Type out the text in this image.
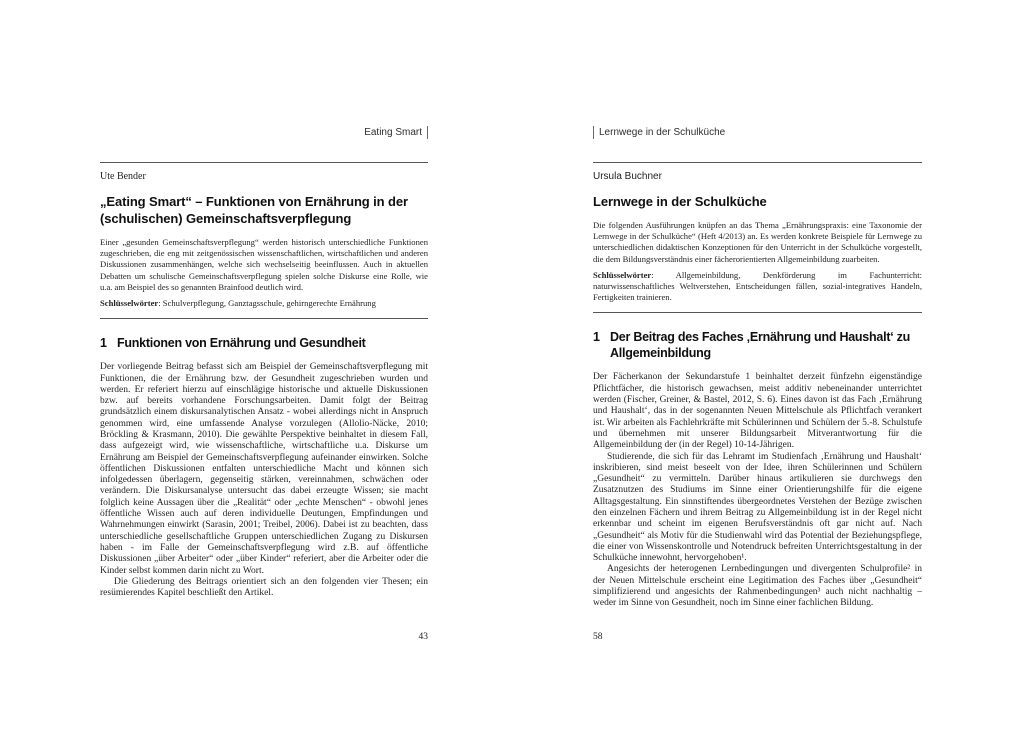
Eating Smart
Ute Bender
„Eating Smart“ – Funktionen von Ernährung in der (schulischen) Gemeinschaftsverpflegung

Einer „gesunden Gemeinschaftsverpflegung“ werden historisch unterschiedliche Funktionen zugeschrieben, die eng mit zeitgenössischen wissenschaftlichen, wirtschaftlichen und anderen Diskussionen zusammenhängen, welche sich wechselseitig beeinflussen. Auch in aktuellen Debatten um schulische Gemeinschaftsverpflegung spielen solche Diskurse eine Rolle, wie u.a. am Beispiel des so genannten Brainfood deutlich wird.

Schlüsselwörter: Schulverpflegung, Ganztagsschule, gehirngerechte Ernährung

1 Funktionen von Ernährung und Gesundheit

Der vorliegende Beitrag befasst sich am Beispiel der Gemeinschaftsverpflegung mit Funktionen, die der Ernährung bzw. der Gesundheit zugeschrieben wurden und werden. Er referiert hierzu auf einschlägige historische und aktuelle Diskussionen bzw. auf bereits vorhandene Forschungsarbeiten. Damit folgt der Beitrag grundsätzlich einem diskursanalytischen Ansatz - wobei allerdings nicht in Anspruch genommen wird, eine umfassende Analyse vorzulegen (Allolio-Näcke, 2010; Bröckling & Krasmann, 2010). Die gewählte Perspektive beinhaltet in diesem Fall, dass aufgezeigt wird, wie wissenschaftliche, wirtschaftliche u.a. Diskurse um Ernährung am Beispiel der Gemeinschaftsverpflegung aufeinander einwirken. Solche öffentlichen Diskussionen entfalten unterschiedliche Macht und können sich infolgedessen überlagern, gegenseitig stärken, vereinnahmen, schwächen oder verändern. Die Diskursanalyse untersucht das dabei erzeugte Wissen; sie macht folglich keine Aussagen über die „Realität“ oder „echte Menschen“ - obwohl jenes öffentliche Wissen auch auf deren individuelle Deutungen, Empfindungen und Wahrnehmungen einwirkt (Sarasin, 2001; Treibel, 2006). Dabei ist zu beachten, dass unterschiedliche gesellschaftliche Gruppen unterschiedlichen Zugang zu Diskursen haben - im Falle der Gemeinschaftsverpflegung wird z.B. auf öffentliche Diskussionen „über Arbeiter“ oder „über Kinder“ referiert, aber die Arbeiter oder die Kinder selbst kommen darin nicht zu Wort.

Die Gliederung des Beitrags orientiert sich an den folgenden vier Thesen; ein resümierendes Kapitel beschließt den Artikel.

43
Lernwege in der Schulküche
Ursula Buchner
Lernwege in der Schulküche

Die folgenden Ausführungen knüpfen an das Thema „Ernährungspraxis: eine Taxonomie der Lernwege in der Schulküche“ (Heft 4/2013) an. Es werden konkrete Beispiele für Lernwege zu unterschiedlichen didaktischen Konzeptionen für den Unterricht in der Schulküche vorgestellt, die dem Bildungsverständnis einer fächerorientierten Allgemeinbildung zuarbeiten.

Schlüsselwörter: Allgemeinbildung, Denkförderung im Fachunterricht: naturwissenschaftliches Weltverstehen, Entscheidungen fällen, sozial-integratives Handeln, Fertigkeiten trainieren.

1 Der Beitrag des Faches ‚Ernährung und Haushalt‘ zu Allgemeinbildung

Der Fächerkanon der Sekundarstufe 1 beinhaltet derzeit fünfzehn eigenständige Pflichtfächer, die historisch gewachsen, meist additiv nebeneinander unterrichtet werden (Fischer, Greiner, & Bastel, 2012, S. 6). Eines davon ist das Fach ‚Ernährung und Haushalt‘, das in der sogenannten Neuen Mittelschule als Pflichtfach verankert ist. Wir arbeiten als Fachlehrkräfte mit Schülerinnen und Schülern der 5.-8. Schulstufe und übernehmen mit unserer Bildungsarbeit Mitverantwortung für die Allgemeinbildung der (in der Regel) 10-14-Jährigen.

Studierende, die sich für das Lehramt im Studienfach ‚Ernährung und Haushalt‘ inskribieren, sind meist beseelt von der Idee, ihren Schülerinnen und Schülern „Gesundheit“ zu vermitteln. Darüber hinaus artikulieren sie durchwegs den Zusatznutzen des Studiums im Sinne einer Orientierungshilfe für die eigene Alltagsgestaltung. Ein sinnstiftendes übergeordnetes Verstehen der Bezüge zwischen den einzelnen Fächern und ihrem Beitrag zu Allgemeinbildung ist in der Regel nicht erkennbar und scheint im eigenen Berufsverständnis oft gar nicht auf. Nach „Gesundheit“ als Motiv für die Studienwahl wird das Potential der Beziehungspflege, die einer von Wissenskontrolle und Notendruck befreiten Unterrichtsgestaltung in der Schulküche innewohnt, hervorgehoben¹.

Angesichts der heterogenen Lernbedingungen und divergenten Schulprofile² in der Neuen Mittelschule erscheint eine Legitimation des Faches über „Gesundheit“ simplifizierend und angesichts der Rahmenbedingungen³ auch nicht nachhaltig – weder im Sinne von Gesundheit, noch im Sinne einer fachlichen Bildung.

58
